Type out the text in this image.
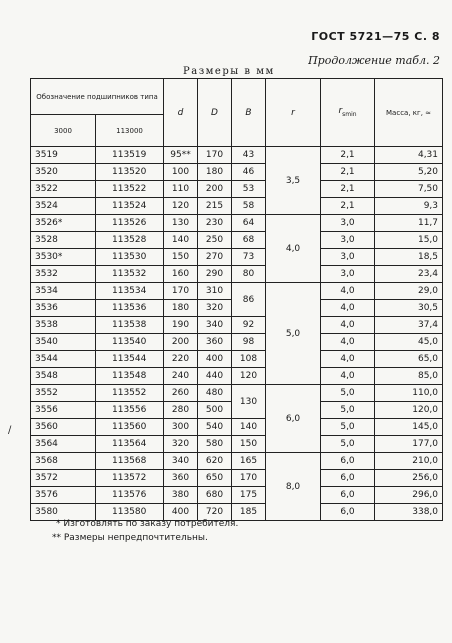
ГОСТ 5721—75 С. 8
Продолжение табл. 2
Размеры в мм
/
Обозначение подшипников типа		d	D	B	r	$r_{smin}$	Масса, кг, ≈
3000	113000						
3519	113519	95**	170	43	3,5	2,1	4,31
3520	113520	100	180	46		2,1	5,20
3522	113522	110	200	53		2,1	7,50
3524	113524	120	215	58		2,1	9,3
3526*	113526	130	230	64	4,0	3,0	11,7
3528	113528	140	250	68		3,0	15,0
3530*	113530	150	270	73		3,0	18,5
3532	113532	160	290	80		3,0	23,4
3534	113534	170	310	86	5,0	4,0	29,0
3536	113536	180	320			4,0	30,5
3538	113538	190	340	92		4,0	37,4
3540	113540	200	360	98		4,0	45,0
3544	113544	220	400	108		4,0	65,0
3548	113548	240	440	120		4,0	85,0
3552	113552	260	480	130	6,0	5,0	110,0
3556	113556	280	500			5,0	120,0
3560	113560	300	540	140		5,0	145,0
3564	113564	320	580	150		5,0	177,0
3568	113568	340	620	165	8,0	6,0	210,0
3572	113572	360	650	170		6,0	256,0
3576	113576	380	680	175		6,0	296,0
3580	113580	400	720	185		6,0	338,0
* Изготовлять по заказу потребителя.
** Размеры непредпочтительны.
